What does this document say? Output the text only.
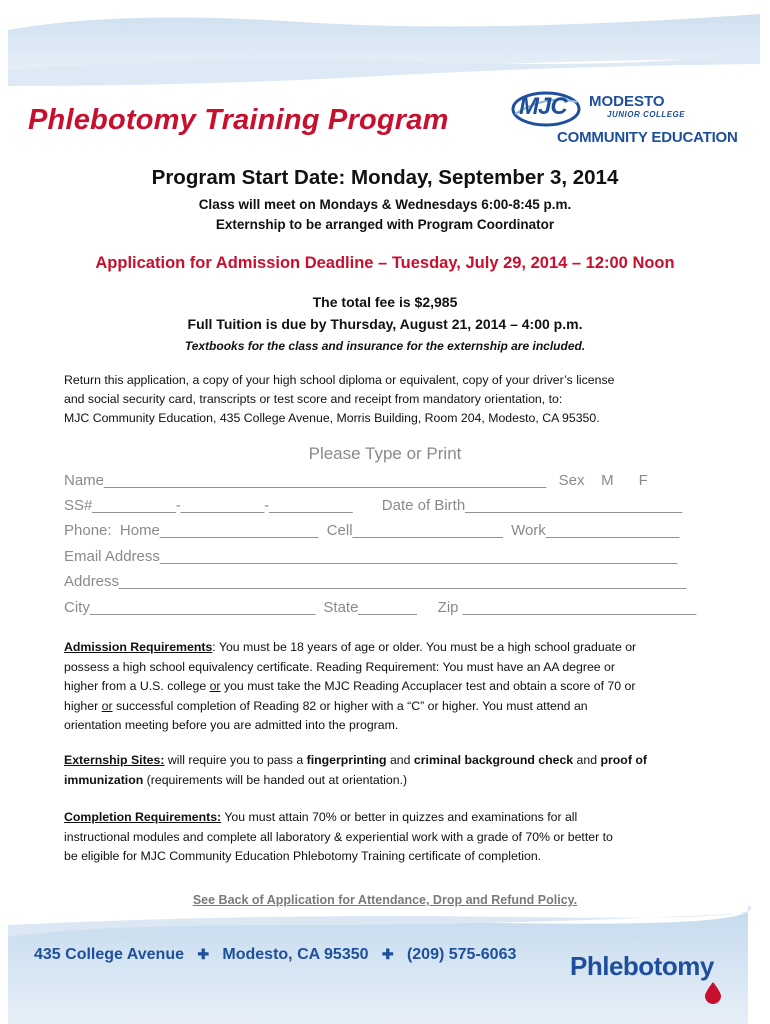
Phlebotomy Training Program	MJC MODESTO
JUNIOR COLLEGE
COMMUNITY EDUCATION
Program Start Date: Monday, September 3, 2014
Class will meet on Mondays & Wednesdays 6:00-8:45 p.m.
Externship to be arranged with Program Coordinator
Application for Admission Deadline – Tuesday, July 29, 2014 – 12:00 Noon
The total fee is $2,985
Full Tuition is due by Thursday, August 21, 2014 – 4:00 p.m.
Textbooks for the class and insurance for the externship are included.
Return this application, a copy of your high school diploma or equivalent, copy of your driver’s license
and social security card, transcripts or test score and receipt from mandatory orientation, to:
MJC Community Education, 435 College Avenue, Morris Building, Room 204, Modesto, CA 95350.
Please Type or Print
Name_____________________________________________________   Sex    M      F
SS#__________-__________-__________       Date of Birth__________________________
Phone:  Home___________________  Cell__________________  Work________________
Email Address______________________________________________________________
Address____________________________________________________________________
City___________________________  State_______     Zip ____________________________
Admission Requirements: You must be 18 years of age or older. You must be a high school graduate or
possess a high school equivalency certificate. Reading Requirement: You must have an AA degree or
higher from a U.S. college or you must take the MJC Reading Accuplacer test and obtain a score of 70 or
higher or successful completion of Reading 82 or higher with a “C” or higher. You must attend an
orientation meeting before you are admitted into the program.
Externship Sites: will require you to pass a fingerprinting and criminal background check and proof of
immunization (requirements will be handed out at orientation.)
Completion Requirements: You must attain 70% or better in quizzes and examinations for all
instructional modules and complete all laboratory & experiential work with a grade of 70% or better to
be eligible for MJC Community Education Phlebotomy Training certificate of completion.
See Back of Application for Attendance, Drop and Refund Policy.
435 College Avenue ✚ Modesto, CA 95350 ✚ (209) 575-6063 Phlebotomy
